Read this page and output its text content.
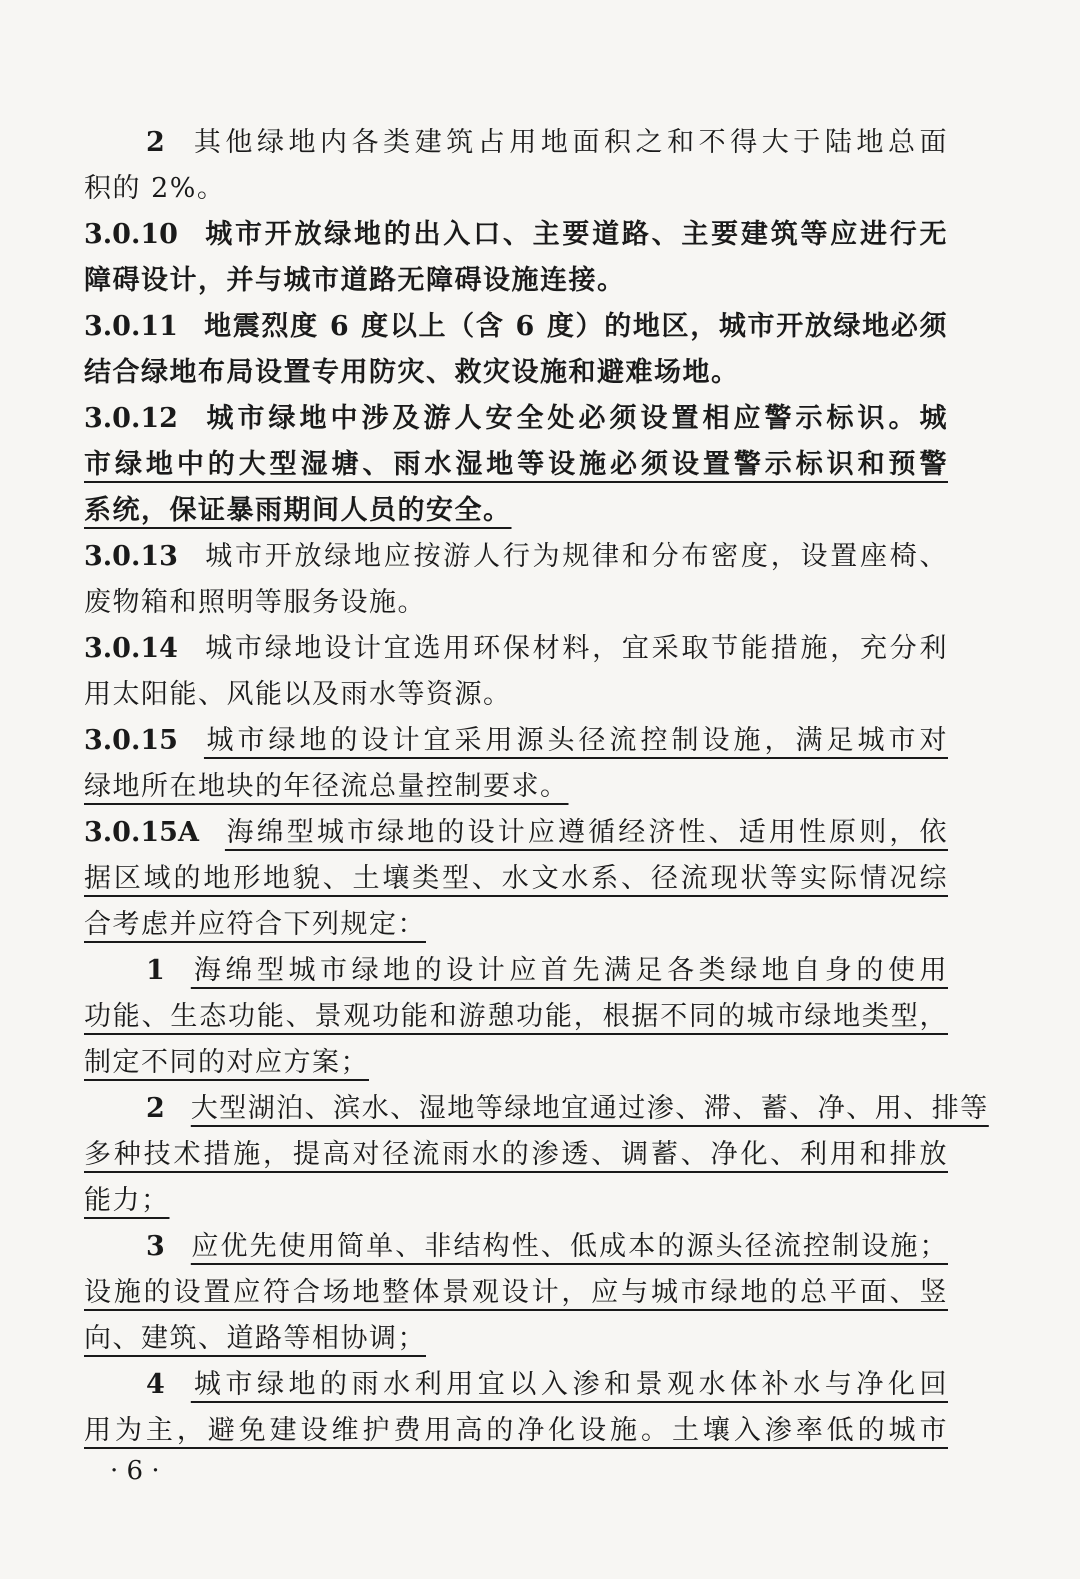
2 其他绿地内各类建筑占用地面积之和不得大于陆地总面
积的 2%。
3.0.10 城市开放绿地的出入口、主要道路、主要建筑等应进行无
障碍设计，并与城市道路无障碍设施连接。
3.0.11 地震烈度 6 度以上（含 6 度）的地区，城市开放绿地必须
结合绿地布局设置专用防灾、救灾设施和避难场地。
3.0.12 城市绿地中涉及游人安全处必须设置相应警示标识。城
市绿地中的大型湿塘、雨水湿地等设施必须设置警示标识和预警
系统，保证暴雨期间人员的安全。
3.0.13 城市开放绿地应按游人行为规律和分布密度，设置座椅、
废物箱和照明等服务设施。
3.0.14 城市绿地设计宜选用环保材料，宜采取节能措施，充分利
用太阳能、风能以及雨水等资源。
3.0.15 城市绿地的设计宜采用源头径流控制设施，满足城市对
绿地所在地块的年径流总量控制要求。
3.0.15A 海绵型城市绿地的设计应遵循经济性、适用性原则，依
据区域的地形地貌、土壤类型、水文水系、径流现状等实际情况综
合考虑并应符合下列规定：
1 海绵型城市绿地的设计应首先满足各类绿地自身的使用
功能、生态功能、景观功能和游憩功能，根据不同的城市绿地类型，
制定不同的对应方案；
2 大型湖泊、滨水、湿地等绿地宜通过渗、滞、蓄、净、用、排等
多种技术措施，提高对径流雨水的渗透、调蓄、净化、利用和排放
能力；
3 应优先使用简单、非结构性、低成本的源头径流控制设施；
设施的设置应符合场地整体景观设计，应与城市绿地的总平面、竖
向、建筑、道路等相协调；
4 城市绿地的雨水利用宜以入渗和景观水体补水与净化回
用为主，避免建设维护费用高的净化设施。土壤入渗率低的城市
· 6 ·
